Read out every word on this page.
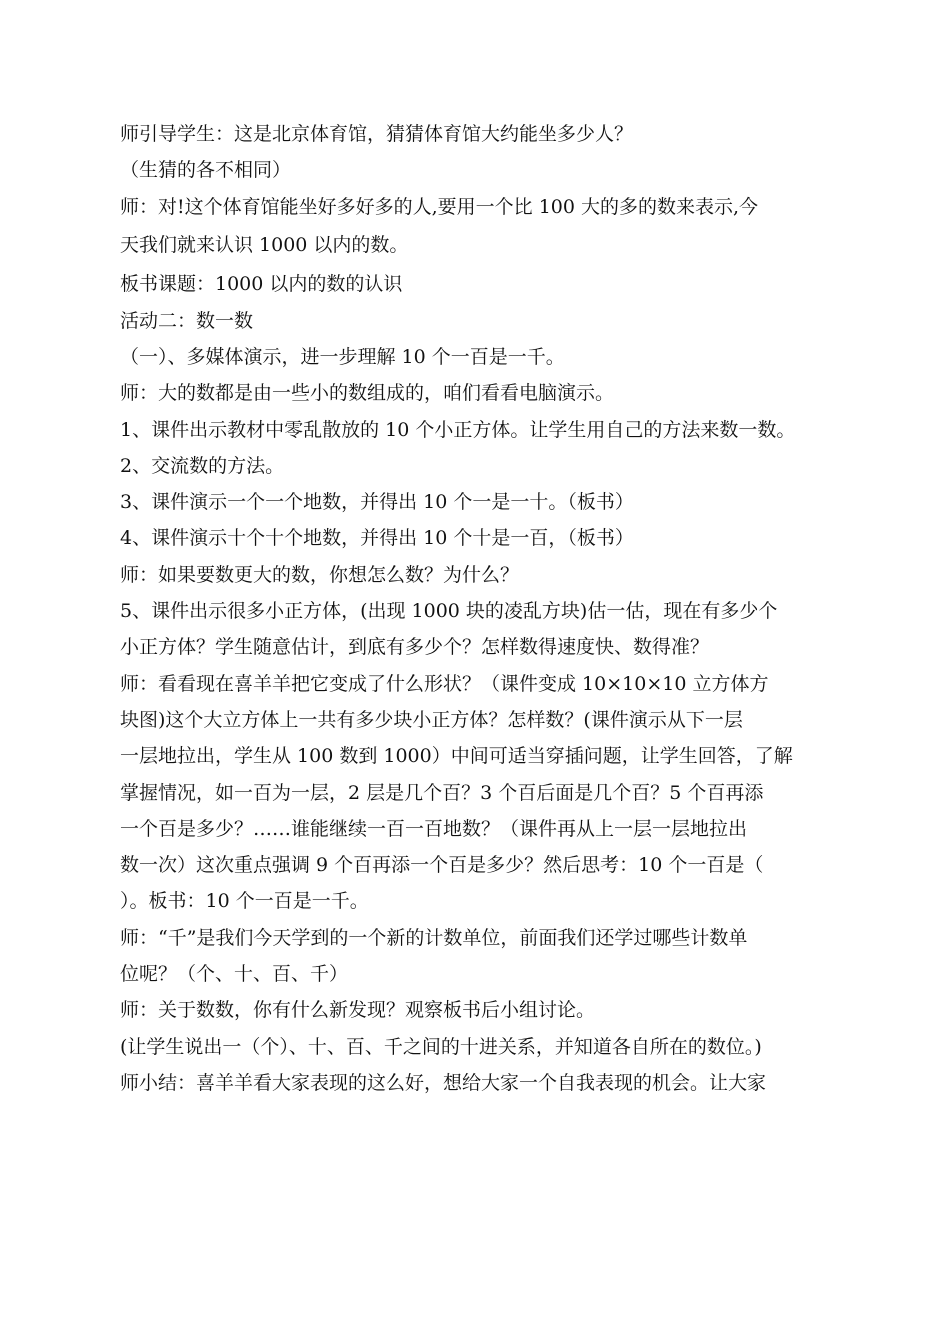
师引导学生：这是北京体育馆，猜猜体育馆大约能坐多少人？
（生猜的各不相同）
师：对!这个体育馆能坐好多好多的人,要用一个比 100 大的多的数来表示,今
天我们就来认识 1000 以内的数。
板书课题：1000 以内的数的认识
活动二：数一数
（一）、多媒体演示，进一步理解 10 个一百是一千。
师：大的数都是由一些小的数组成的，咱们看看电脑演示。
1、课件出示教材中零乱散放的 10 个小正方体。让学生用自己的方法来数一数。
2、交流数的方法。
3、课件演示一个一个地数，并得出 10 个一是一十。（板书）
4、课件演示十个十个地数，并得出 10 个十是一百，（板书）
师：如果要数更大的数，你想怎么数？为什么？
5、课件出示很多小正方体，(出现 1000 块的凌乱方块)估一估，现在有多少个
小正方体？学生随意估计，到底有多少个？怎样数得速度快、数得准？
师：看看现在喜羊羊把它变成了什么形状？（课件变成 10×10×10 立方体方
块图)这个大立方体上一共有多少块小正方体？怎样数？(课件演示从下一层
一层地拉出，学生从 100 数到 1000）中间可适当穿插问题，让学生回答，了解
掌握情况，如一百为一层，2 层是几个百？3 个百后面是几个百？5 个百再添
一个百是多少？……谁能继续一百一百地数？（课件再从上一层一层地拉出
数一次）这次重点强调 9 个百再添一个百是多少？然后思考：10 个一百是（
）。板书：10 个一百是一千。
师：“千”是我们今天学到的一个新的计数单位，前面我们还学过哪些计数单
位呢？（个、十、百、千）
师：关于数数，你有什么新发现？观察板书后小组讨论。
(让学生说出一（个）、十、百、千之间的十进关系，并知道各自所在的数位。)
师小结：喜羊羊看大家表现的这么好，想给大家一个自我表现的机会。让大家
